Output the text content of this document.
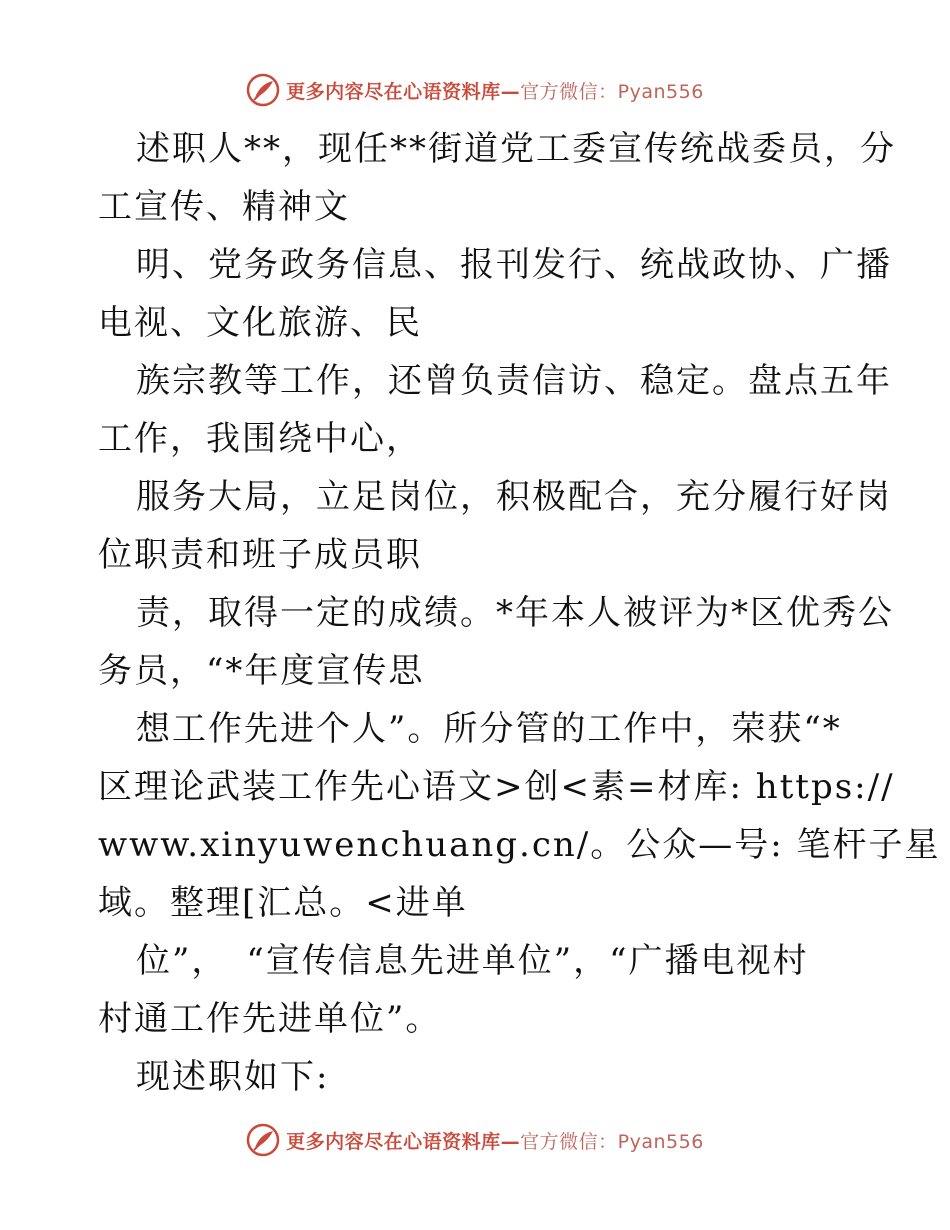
更多内容尽在心语资料库—官方微信：Pyan556
述职人**，现任**街道党工委宣传统战委员，分
工宣传、精神文
明、党务政务信息、报刊发行、统战政协、广播
电视、文化旅游、民
族宗教等工作，还曾负责信访、稳定。盘点五年
工作，我围绕中心，
服务大局，立足岗位，积极配合，充分履行好岗
位职责和班子成员职
责，取得一定的成绩。*年本人被评为*区优秀公
务员，“*年度宣传思
想工作先进个人”。所分管的工作中，荣获“*
区理论武装工作先心语文>创<素=材库: https://
www.xinyuwenchuang.cn/。公众—号: 笔杆子星
域。整理[汇总。<进单
位”，　“宣传信息先进单位”，“广播电视村
村通工作先进单位”。
现述职如下:
更多内容尽在心语资料库—官方微信：Pyan556
